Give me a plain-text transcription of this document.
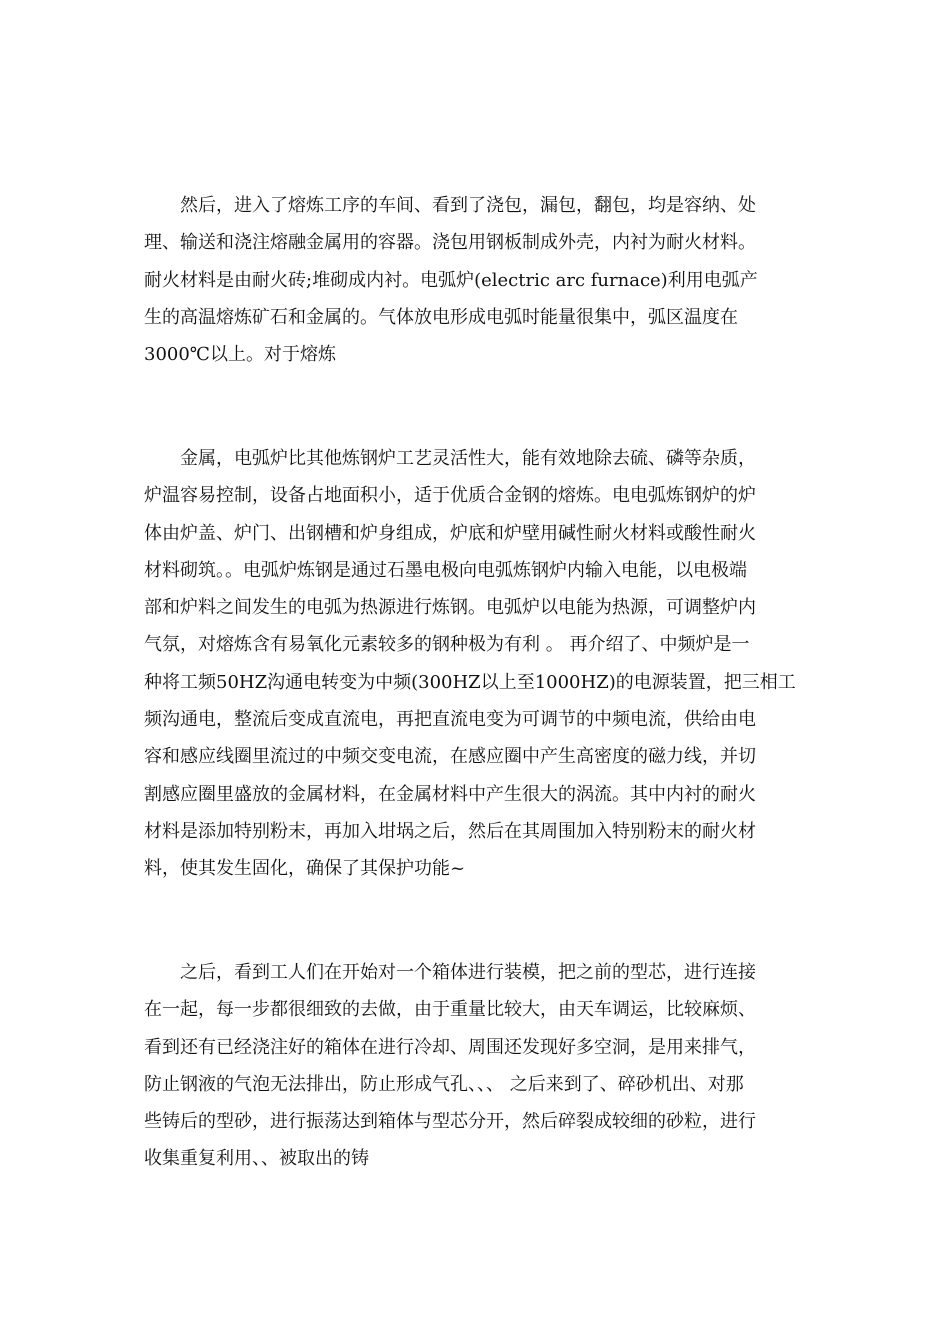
　　然后，进入了熔炼工序的车间、看到了浇包，漏包，翻包，均是容纳、处
理、输送和浇注熔融金属用的容器。浇包用钢板制成外壳，内衬为耐火材料。
耐火材料是由耐火砖;堆砌成内衬。电弧炉(electric arc furnace)利用电弧产
生的高温熔炼矿石和金属的。气体放电形成电弧时能量很集中，弧区温度在
3000℃以上。对于熔炼

　　金属，电弧炉比其他炼钢炉工艺灵活性大，能有效地除去硫、磷等杂质，
炉温容易控制，设备占地面积小，适于优质合金钢的熔炼。电电弧炼钢炉的炉
体由炉盖、炉门、出钢槽和炉身组成，炉底和炉壁用碱性耐火材料或酸性耐火
材料砌筑。。电弧炉炼钢是通过石墨电极向电弧炼钢炉内输入电能，以电极端
部和炉料之间发生的电弧为热源进行炼钢。电弧炉以电能为热源，可调整炉内
气氛，对熔炼含有易氧化元素较多的钢种极为有利 。 再介绍了、中频炉是一
种将工频50HZ沟通电转变为中频(300HZ以上至1000HZ)的电源装置，把三相工
频沟通电，整流后变成直流电，再把直流电变为可调节的中频电流，供给由电
容和感应线圈里流过的中频交变电流，在感应圈中产生高密度的磁力线，并切
割感应圈里盛放的金属材料，在金属材料中产生很大的涡流。其中内衬的耐火
材料是添加特别粉末，再加入坩埚之后，然后在其周围加入特别粉末的耐火材
料，使其发生固化，确保了其保护功能~

　　之后，看到工人们在开始对一个箱体进行装模，把之前的型芯，进行连接
在一起，每一步都很细致的去做，由于重量比较大，由天车调运，比较麻烦、
看到还有已经浇注好的箱体在进行冷却、周围还发现好多空洞，是用来排气，
防止钢液的气泡无法排出，防止形成气孔、、、 之后来到了、碎砂机出、对那
些铸后的型砂，进行振荡达到箱体与型芯分开，然后碎裂成较细的砂粒，进行
收集重复利用、、被取出的铸
